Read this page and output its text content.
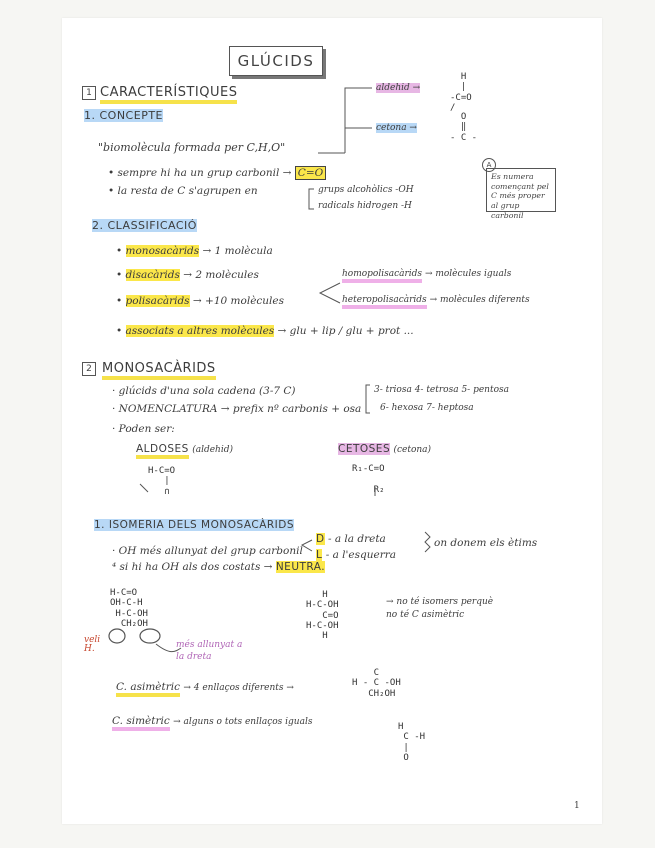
GLÚCIDS
1 CARACTERÍSTIQUES
1. CONCEPTE
"biomolècula formada per C,H,O"
• sempre hi ha un grup carbonil → C=O
• la resta de C s'agrupen en	grups alcohòlics -OH
radicals hidrogen -H
aldehid →
cetona →
H
|
-C=O
/
O
‖
- C -
A
Es numera començant pel C més proper al grup carbonil
2. CLASSIFICACIÓ
• monosacàrids → 1 molècula
• disacàrids → 2 molècules
• polisacàrids → +10 molècules
homopolisacàrids → molècules iguals
heteropolisacàrids → molècules diferents
• associats a altres molècules → glu + lip / glu + prot ...
2 MONOSACÀRIDS
· glúcids d'una sola cadena (3-7 C)
· NOMENCLATURA → prefix nº carbonis + osa
3- triosa 4- tetrosa 5- pentosa
6- hexosa 7- heptosa
· Poden ser:
ALDOSES (aldehid)	CETOSES (cetona)
H-C=O
|
∩
R₁-C=O

R₂
1. ISOMERIA DELS MONOSACÀRIDS
· OH més allunyat del grup carbonil
D - a la dreta
L - a l'esquerra
on donem els ètims
⁴ si hi ha OH als dos costats → NEUTRA.
H-C=O
OH-C-H
H-C-OH
CH₂OH
veli H.	més allunyat a la dreta
H
H-C-OH
C=O
H-C-OH
H
→ no té isomers perquè no té C asimètric
C. asimètric → 4 enllaços diferents →
C
H - C -OH
CH₂OH
C. simètric → alguns o tots enllaços iguals	H
C -H
|
O
1
